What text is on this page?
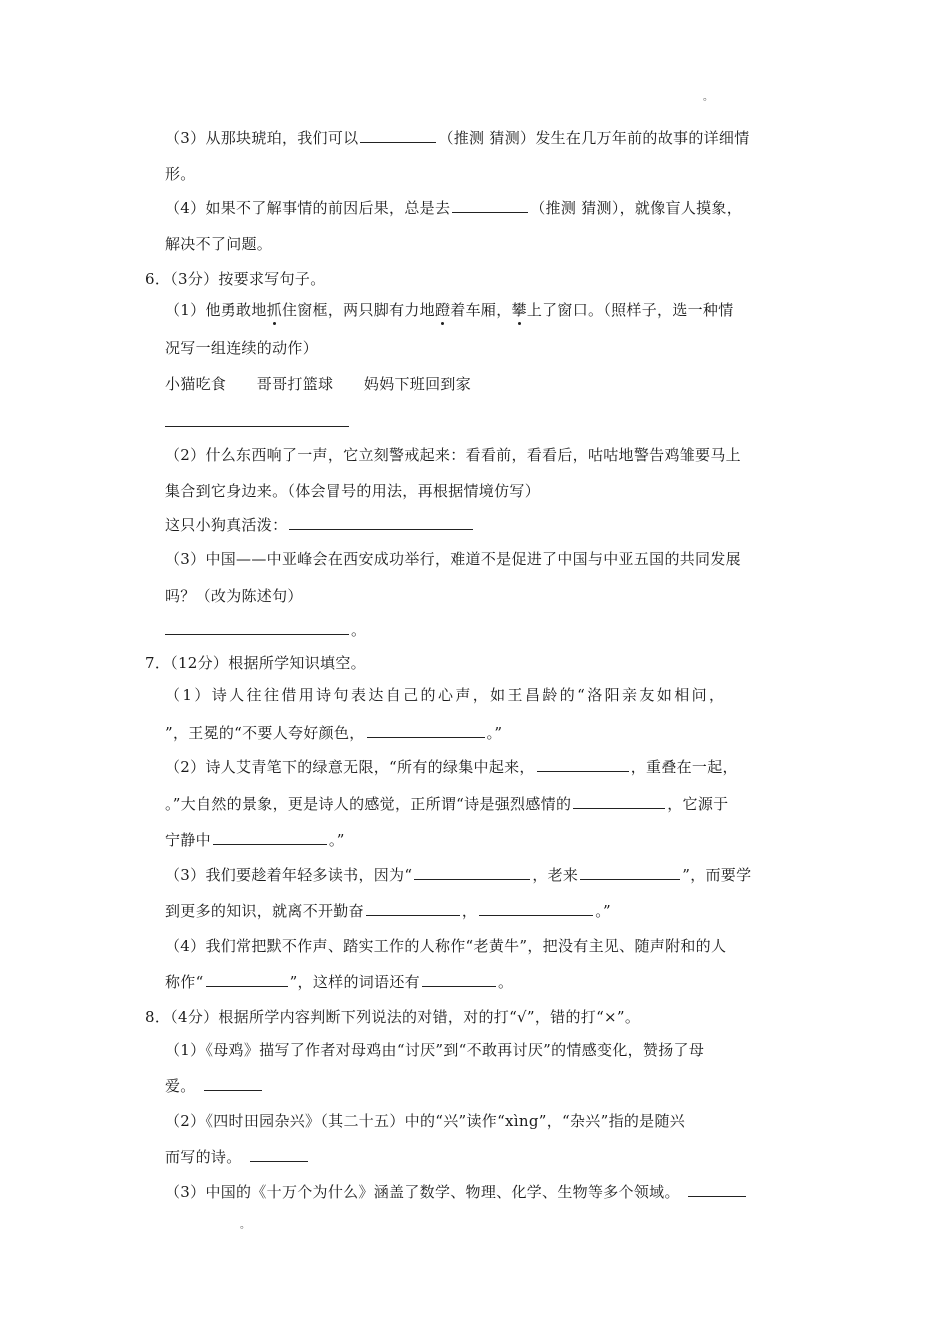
。
（3）从那块琥珀，我们可以	（推测 猜测）发生在几万年前的故事的详细情
形。
（4）如果不了解事情的前因后果，总是去	（推测 猜测），就像盲人摸象，
解决不了问题。
6．（3分）按要求写句子。
（1）他勇敢地抓住窗框，两只脚有力地蹬着车厢，攀上了窗口。（照样子，选一种情
况写一组连续的动作）
小猫吃食　　哥哥打篮球　　妈妈下班回到家
（2）什么东西响了一声，它立刻警戒起来：看看前，看看后，咕咕地警告鸡雏要马上
集合到它身边来。（体会冒号的用法，再根据情境仿写）
这只小狗真活泼：
（3）中国——中亚峰会在西安成功举行，难道不是促进了中国与中亚五国的共同发展
吗？（改为陈述句）
。
7．（12分）根据所学知识填空。
（1）诗人往往借用诗句表达自己的心声，如王昌龄的“洛阳亲友如相问，
”，王冕的“不要人夸好颜色，	。”
（2）诗人艾青笔下的绿意无限，“所有的绿集中起来，	，重叠在一起，
。”大自然的景象，更是诗人的感觉，正所谓“诗是强烈感情的	，它源于
宁静中	。”
（3）我们要趁着年轻多读书，因为“	，老来	”，而要学
到更多的知识，就离不开勤奋	，	。”
（4）我们常把默不作声、踏实工作的人称作“老黄牛”，把没有主见、随声附和的人
称作“	”，这样的词语还有	。
8．（4分）根据所学内容判断下列说法的对错，对的打“√”，错的打“×”。
（1）《母鸡》描写了作者对母鸡由“讨厌”到“不敢再讨厌”的情感变化，赞扬了母
爱。
（2）《四时田园杂兴》（其二十五）中的“兴”读作“xìng”，“杂兴”指的是随兴
而写的诗。
（3）中国的《十万个为什么》涵盖了数学、物理、化学、生物等多个领域。
。
